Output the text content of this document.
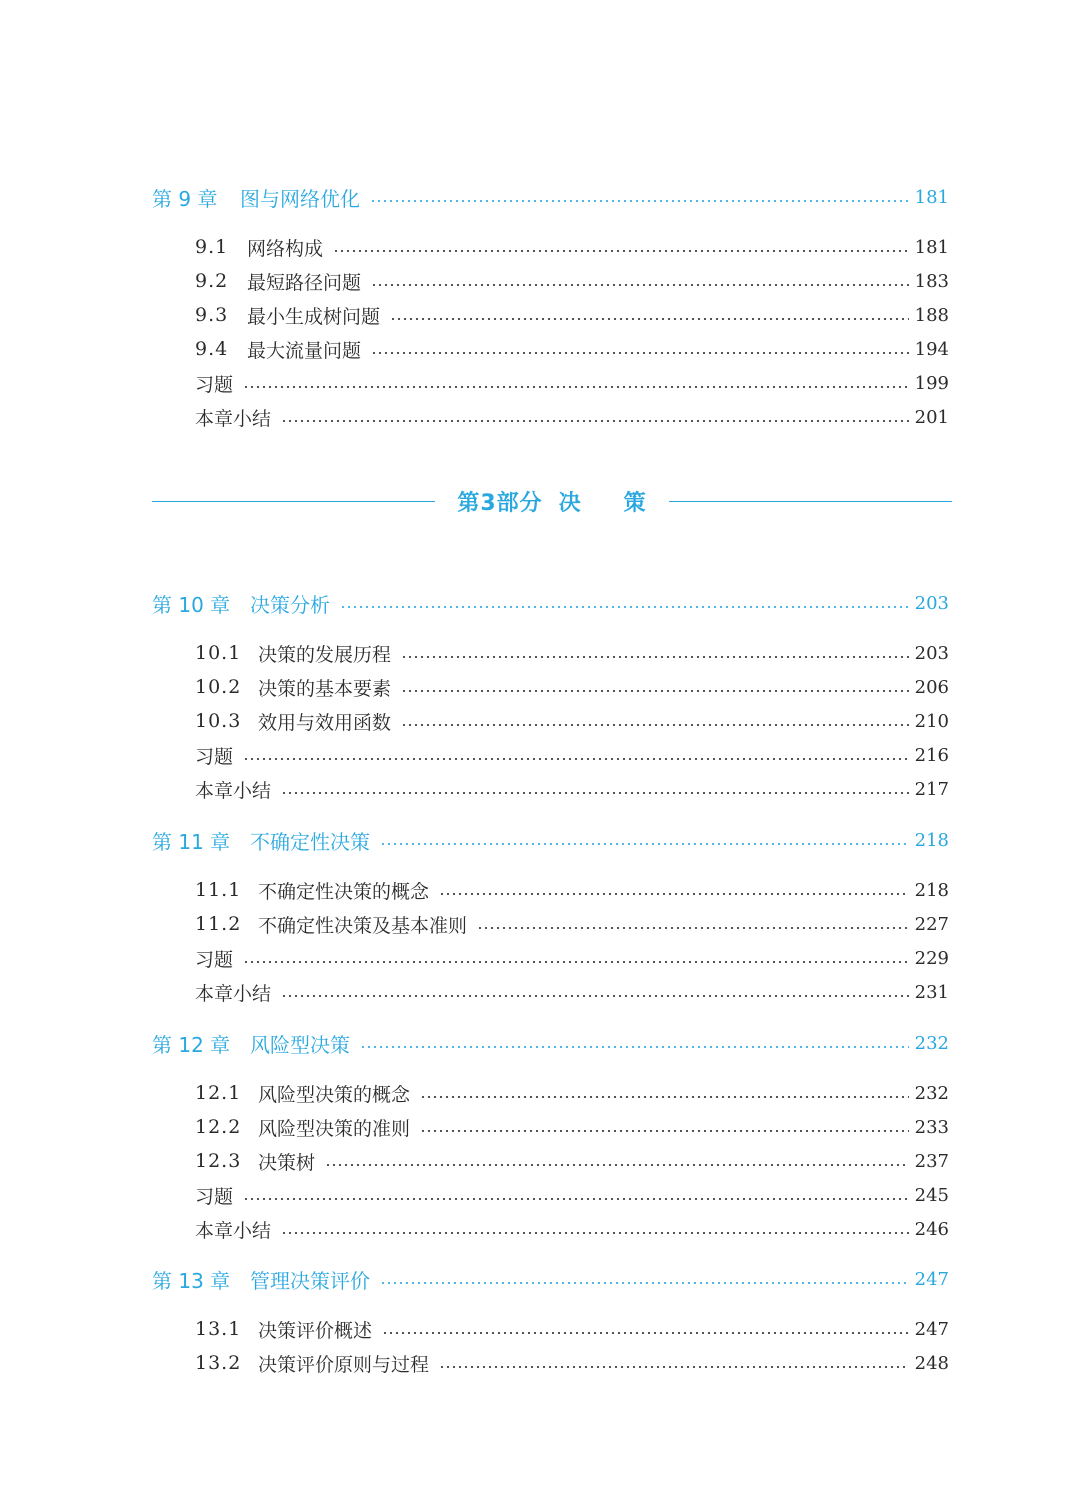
第 9 章	图与网络优化	181
9.1 网络构成	181
9.2 最短路径问题	183
9.3 最小生成树问题	188
9.4 最大流量问题	194
习题	199
本章小结	201
第3部分 决 策
第 10 章 决策分析	203
10.1 决策的发展历程	203
10.2 决策的基本要素	206
10.3 效用与效用函数	210
习题	216
本章小结	217
第 11 章 不确定性决策	218
11.1 不确定性决策的概念	218
11.2 不确定性决策及基本准则	227
习题	229
本章小结	231
第 12 章 风险型决策	232
12.1 风险型决策的概念	232
12.2 风险型决策的准则	233
12.3 决策树	237
习题	245
本章小结	246
第 13 章 管理决策评价	247
13.1 决策评价概述	247
13.2 决策评价原则与过程	248
